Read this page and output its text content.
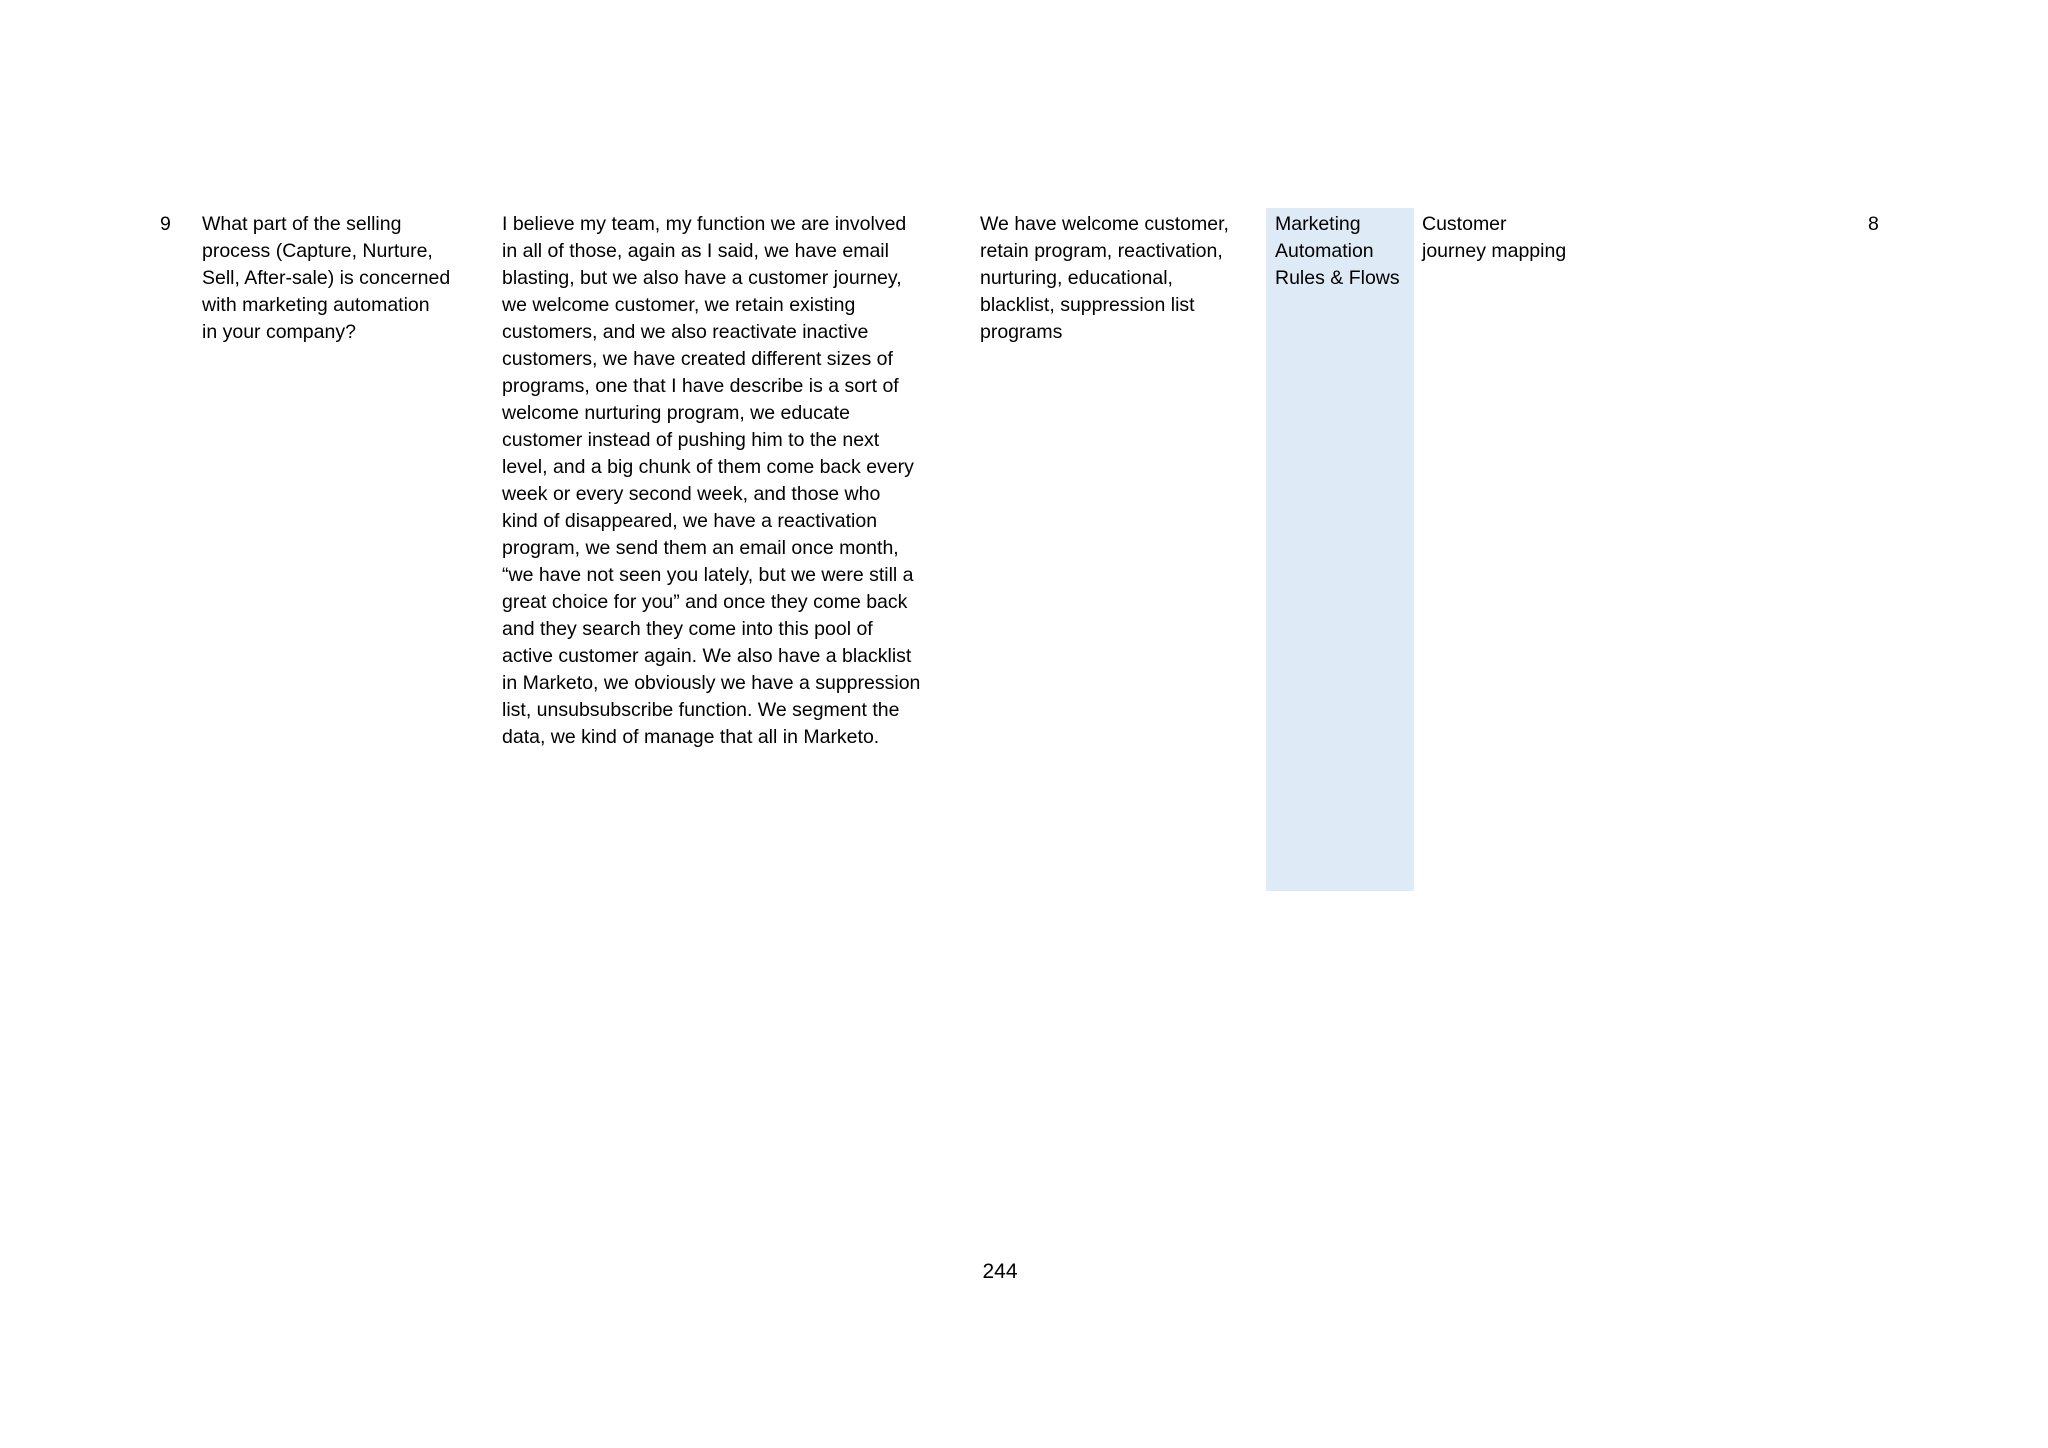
9	What part of the selling
process (Capture, Nurture,
Sell, After-sale) is concerned
with marketing automation
in your company?
I believe my team, my function we are involved
in all of those, again as I said, we have email
blasting, but we also have a customer journey,
we welcome customer, we retain existing
customers, and we also reactivate inactive
customers, we have created different sizes of
programs, one that I have describe is a sort of
welcome nurturing program, we educate
customer instead of pushing him to the next
level, and a big chunk of them come back every
week or every second week, and those who
kind of disappeared, we have a reactivation
program, we send them an email once month,
“we have not seen you lately, but we were still a
great choice for you” and once they come back
and they search they come into this pool of
active customer again. We also have a blacklist
in Marketo, we obviously we have a suppression
list, unsubsubscribe function. We segment the
data, we kind of manage that all in Marketo.
We have welcome customer,
retain program, reactivation,
nurturing, educational,
blacklist, suppression list
programs
Marketing
Automation
Rules & Flows
Customer
journey mapping
8
244
